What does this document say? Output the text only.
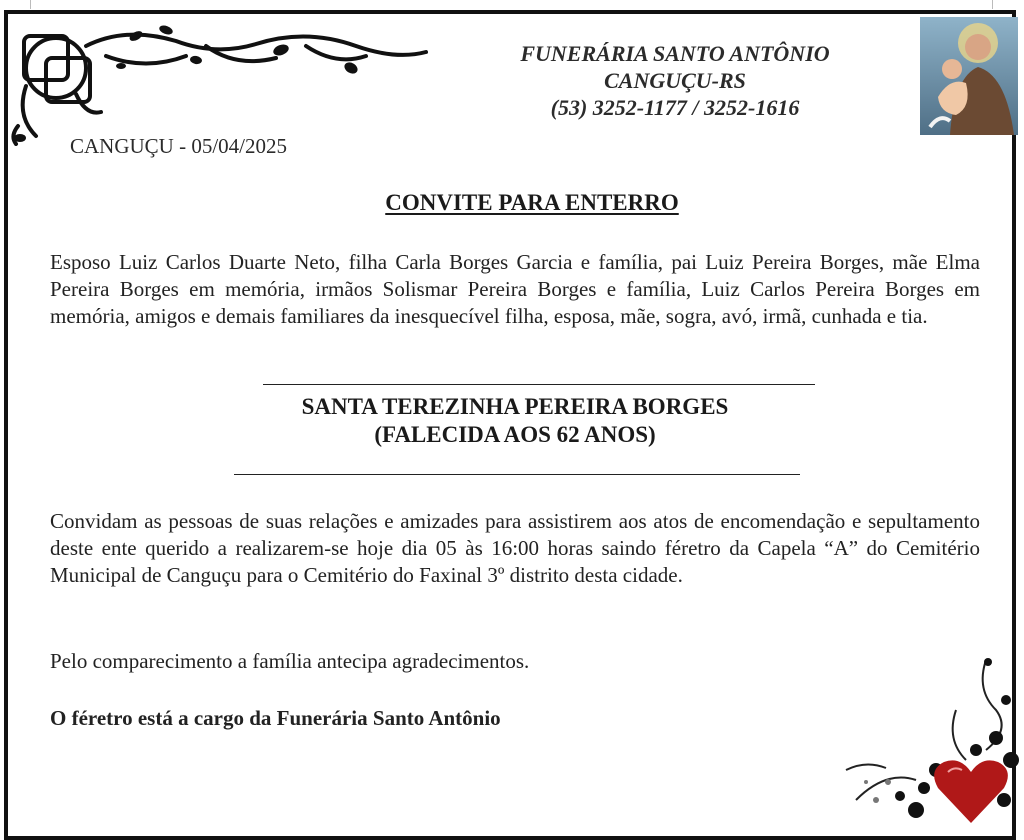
FUNERÁRIA SANTO ANTÔNIO
CANGUÇU-RS
(53) 3252-1177 / 3252-1616
CANGUÇU - 05/04/2025
CONVITE PARA ENTERRO
Esposo Luiz Carlos Duarte Neto, filha Carla Borges Garcia e família, pai Luiz Pereira Borges, mãe Elma Pereira Borges em memória, irmãos Solismar Pereira Borges e família, Luiz Carlos Pereira Borges em memória, amigos e demais familiares da inesquecível filha, esposa, mãe, sogra, avó, irmã, cunhada e tia.
SANTA TEREZINHA PEREIRA BORGES
(FALECIDA AOS 62 ANOS)
Convidam as pessoas de suas relações e amizades para assistirem aos atos de encomendação e sepultamento deste ente querido a realizarem-se hoje dia 05 às 16:00 horas saindo féretro da Capela “A” do Cemitério Municipal de Canguçu para o Cemitério do Faxinal 3º distrito desta cidade.
Pelo comparecimento a família antecipa agradecimentos.
O féretro está a cargo da Funerária Santo Antônio
